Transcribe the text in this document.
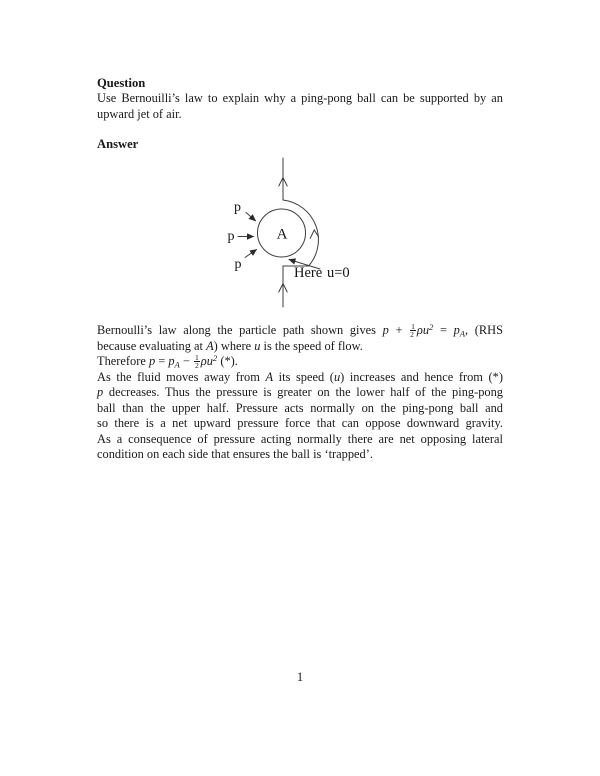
Question
Use Bernouilli’s law to explain why a ping-pong ball can be supported by an
upward jet of air.
Answer
A
p
p
p
Here u=0
Bernoulli’s law along the particle path shown gives $p + \frac{1}{2} \rho u^2 = p_A$, (RHS
because evaluating at A) where u is the speed of flow.
Therefore $p = p_A - \frac{1}{2} \rho u^2$ (*).
As the fluid moves away from A its speed (u) increases and hence from (*)
p decreases. Thus the pressure is greater on the lower half of the ping-pong
ball than the upper half. Pressure acts normally on the ping-pong ball and
so there is a net upward pressure force that can oppose downward gravity.
As a consequence of pressure acting normally there are net opposing lateral
condition on each side that ensures the ball is ‘trapped’.
1
